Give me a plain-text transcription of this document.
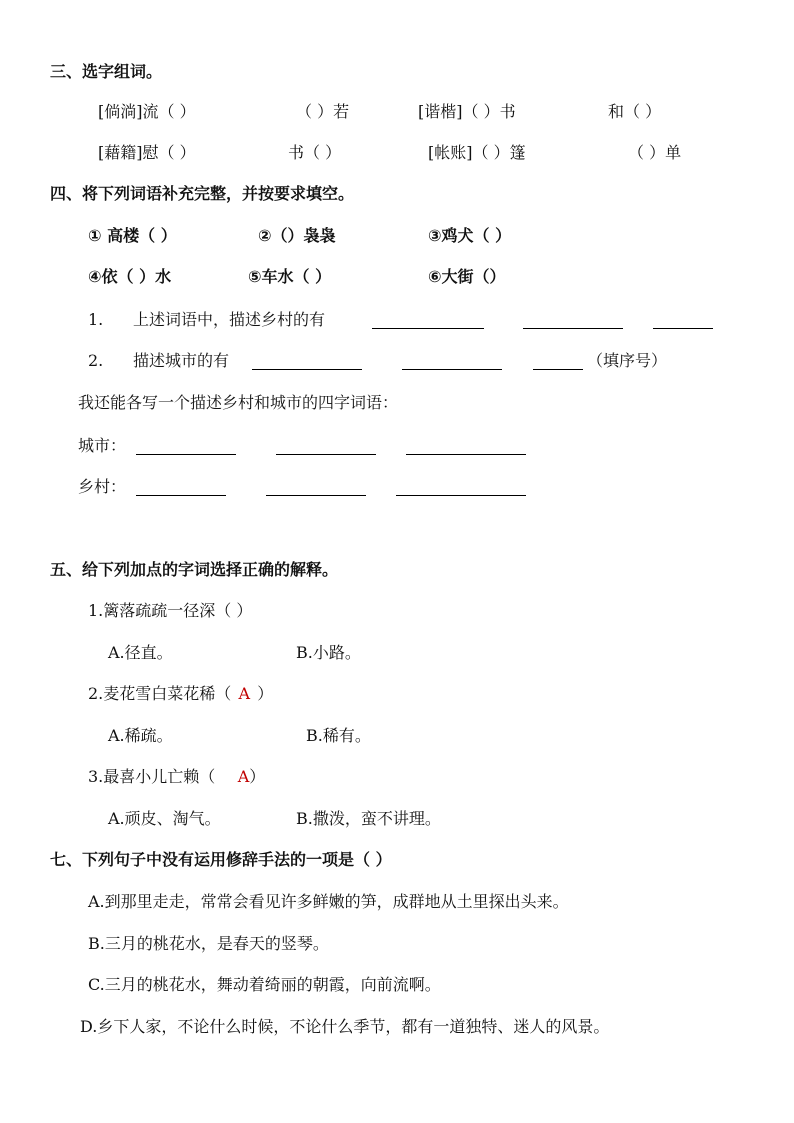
三、选字组词。
[倘淌]流（ ）	（ ）若	[谐楷]（ ）书	和（ ）
[藉籍]慰（ ）	书（ ）	[帐账]（ ）篷	（ ）单
四、将下列词语补充完整，并按要求填空。
① 高楼（ ）	②（）袅袅	③鸡犬（ ）
④依（ ）水	⑤车水（ ）	⑥大街（）
1. 上述词语中，描述乡村的有
2. 描述城市的有	（填序号）
我还能各写一个描述乡村和城市的四字词语：
城市：
乡村：
五、给下列加点的字词选择正确的解释。
1.篱落疏疏一径深（ ）
A.径直。	B.小路。
2.麦花雪白菜花稀（ A ）
A.稀疏。	B.稀有。
3.最喜小儿亡赖（ A）
A.顽皮、淘气。	B.撒泼，蛮不讲理。
七、下列句子中没有运用修辞手法的一项是（ ）
A.到那里走走，常常会看见许多鲜嫩的笋，成群地从土里探出头来。
B.三月的桃花水，是春天的竖琴。
C.三月的桃花水，舞动着绮丽的朝霞，向前流啊。
D.乡下人家，不论什么时候，不论什么季节，都有一道独特、迷人的风景。
